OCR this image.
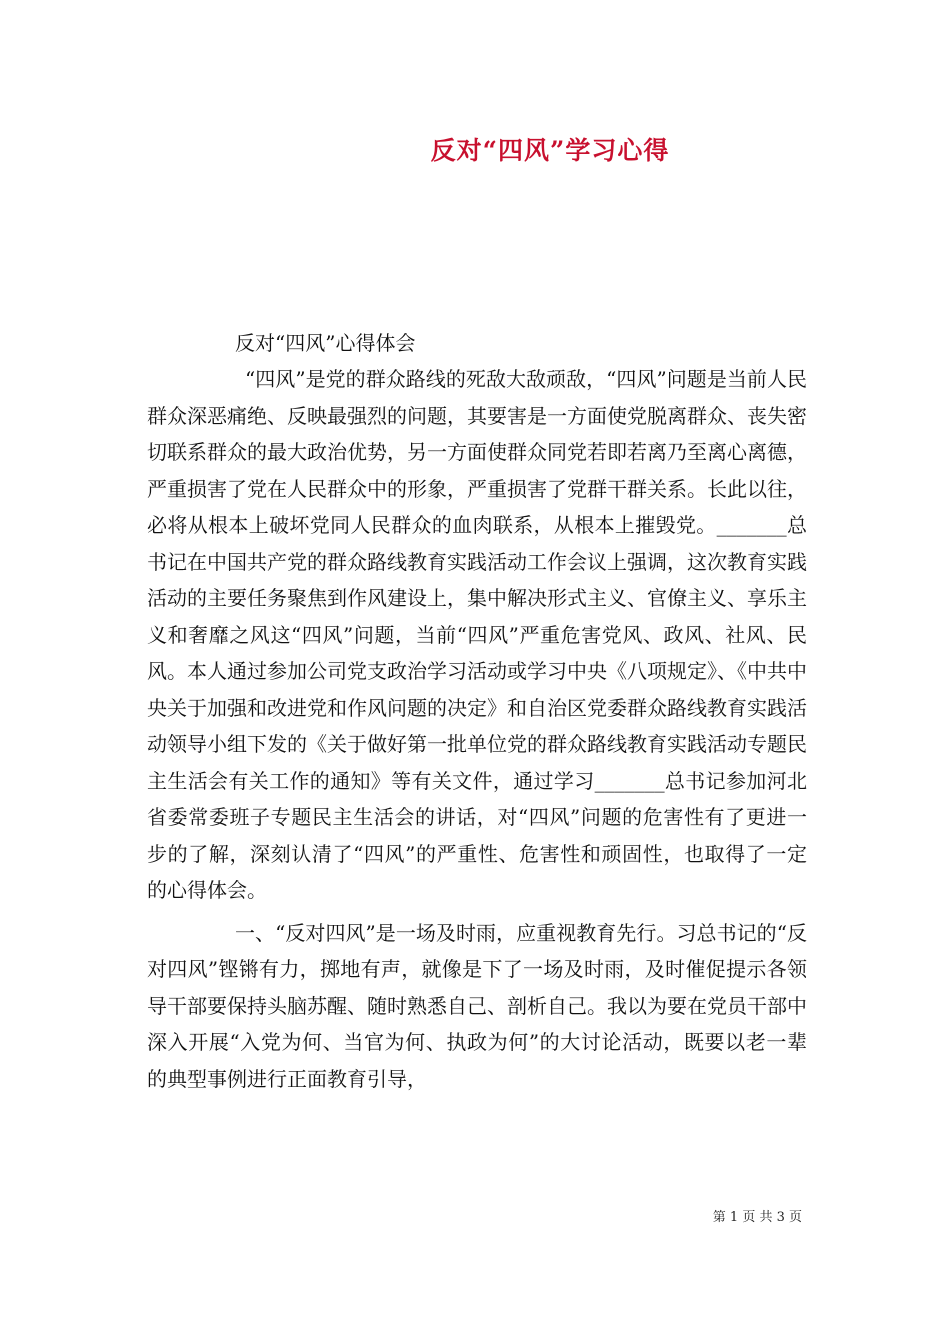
反对“四风”学习心得

反对“四风”心得体会

“四风”是党的群众路线的死敌大敌顽敌，“四风”问题是当前人民群众深恶痛绝、反映最强烈的问题，其要害是一方面使党脱离群众、丧失密切联系群众的最大政治优势，另一方面使群众同党若即若离乃至离心离德，严重损害了党在人民群众中的形象，严重损害了党群干群关系。长此以往，必将从根本上破坏党同人民群众的血肉联系，从根本上摧毁党。_______总书记在中国共产党的群众路线教育实践活动工作会议上强调，这次教育实践活动的主要任务聚焦到作风建设上，集中解决形式主义、官僚主义、享乐主义和奢靡之风这“四风”问题，当前“四风”严重危害党风、政风、社风、民风。本人通过参加公司党支政治学习活动或学习中央《八项规定》、《中共中央关于加强和改进党和作风问题的决定》和自治区党委群众路线教育实践活动领导小组下发的《关于做好第一批单位党的群众路线教育实践活动专题民主生活会有关工作的通知》等有关文件，通过学习_______总书记参加河北省委常委班子专题民主生活会的讲话，对“四风”问题的危害性有了更进一步的了解，深刻认清了“四风”的严重性、危害性和顽固性，也取得了一定的心得体会。

一、“反对四风”是一场及时雨，应重视教育先行。习总书记的“反对四风”铿锵有力，掷地有声，就像是下了一场及时雨，及时催促提示各领导干部要保持头脑苏醒、随时熟悉自己、剖析自己。我以为要在党员干部中深入开展“入党为何、当官为何、执政为何”的大讨论活动，既要以老一辈的典型事例进行正面教育引导，

第 1 页 共 3 页
